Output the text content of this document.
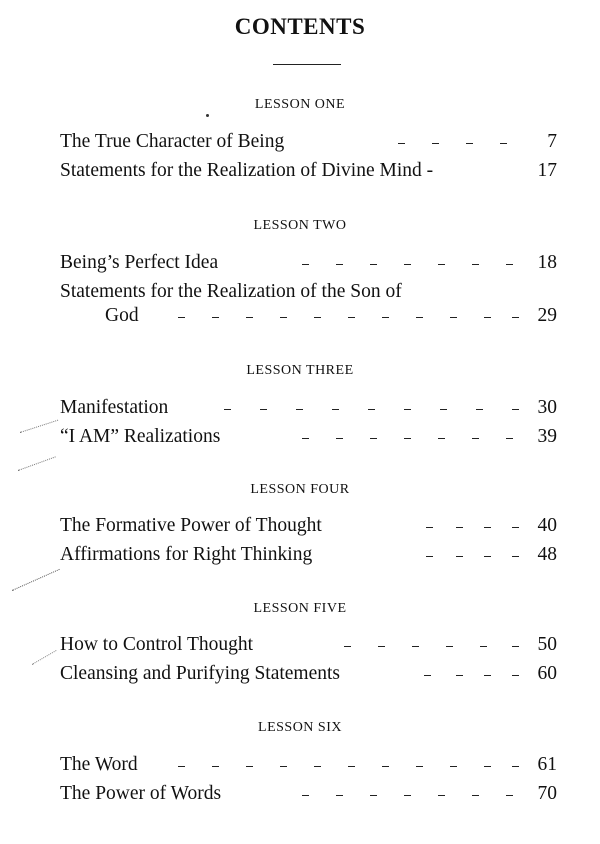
CONTENTS
LESSON ONE
The True Character of Being	7
Statements for the Realization of Divine Mind -	17
LESSON TWO
Being’s Perfect Idea	18
Statements for the Realization of the Son of
God	29
LESSON THREE
Manifestation	30
“I AM” Realizations	39
LESSON FOUR
The Formative Power of Thought	40
Affirmations for Right Thinking	48
LESSON FIVE
How to Control Thought	50
Cleansing and Purifying Statements	60
LESSON SIX
The Word	61
The Power of Words	70
